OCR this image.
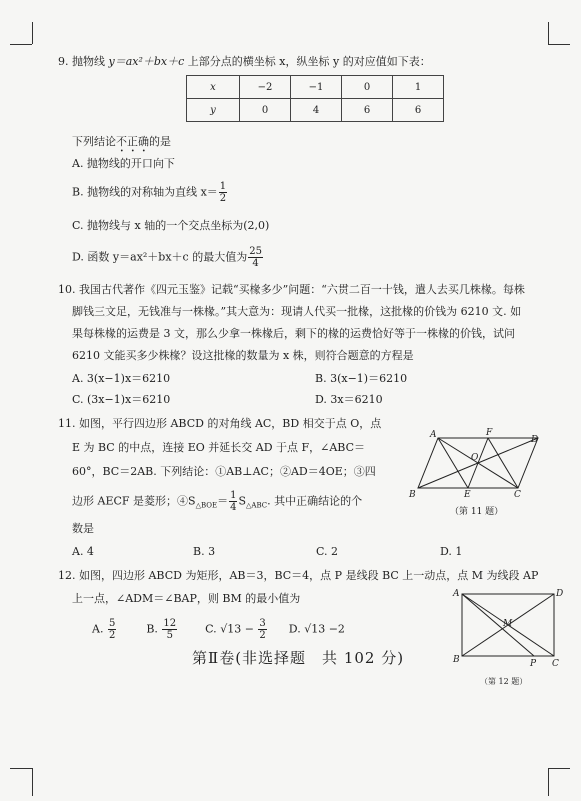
9. 抛物线 y＝ax²＋bx＋c 上部分点的横坐标 x，纵坐标 y 的对应值如下表：
x	−2	−1	0	1
y	0	4	6	6
下列结论不正确的是
A. 抛物线的开口向下
B. 抛物线的对称轴为直线 $x= \frac{1}{2}$
C. 抛物线与 x 轴的一个交点坐标为(2,0)
D. 函数 y＝ax²＋bx＋c 的最大值为 $\frac{25}{4}$
10. 我国古代著作《四元玉鉴》记载“买椽多少”问题：“六贯二百一十钱，遣人去买几株椽。每株
脚钱三文足，无钱准与一株椽。”其大意为：现请人代买一批椽，这批椽的价钱为 6210 文. 如
果每株椽的运费是 3 文，那么少拿一株椽后，剩下的椽的运费恰好等于一株椽的价钱，试问
6210 文能买多少株椽？设这批椽的数量为 x 株，则符合题意的方程是
A. 3(x−1)x＝6210	B. 3(x−1)＝6210
C. (3x−1)x＝6210	D. 3x＝6210
11. 如图，平行四边形 ABCD 的对角线 AC，BD 相交于点 O，点
E 为 BC 的中点，连接 EO 并延长交 AD 于点 F，∠ABC＝
60°，BC＝2AB. 下列结论：①AB⊥AC；②AD＝4OE；③四
边形 AECF 是菱形；$④S_{\triangle BOE}= \frac{1}{4} S_{\triangle ABC}$. 其中正确结论的个
数是
A. 4	B. 3	C. 2	D. 1
A	F
D
O
B	E	C
（第 11 题）
12. 如图，四边形 ABCD 为矩形，AB＝3，BC＝4，点 P 是线段 BC 上一动点，点 M 为线段 AP
上一点，∠ADM＝∠BAP，则 BM 的最小值为
A. $\frac{5}{2}$	B. $\frac{12}{5}$	C. $√13 - \frac{3}{2} D$. √13 −2
A	D
M
B	P C
（第 12 题）
第Ⅱ卷(非选择题　共 102 分)
